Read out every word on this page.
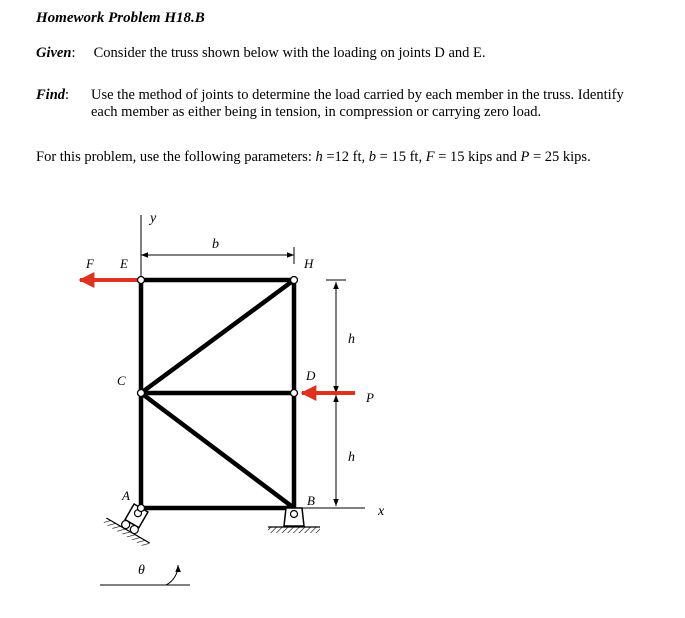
Homework Problem H18.B
Given: Consider the truss shown below with the loading on joints D and E.
Find:	Use the method of joints to determine the load carried by each member in the truss. Identify each member as either being in tension, in compression or carrying zero load.
For this problem, use the following parameters: h =12 ft, b = 15 ft, F = 15 kips and P = 25 kips.
y
b
F E	H
h
C	D
P
h
A	B
x
θ
